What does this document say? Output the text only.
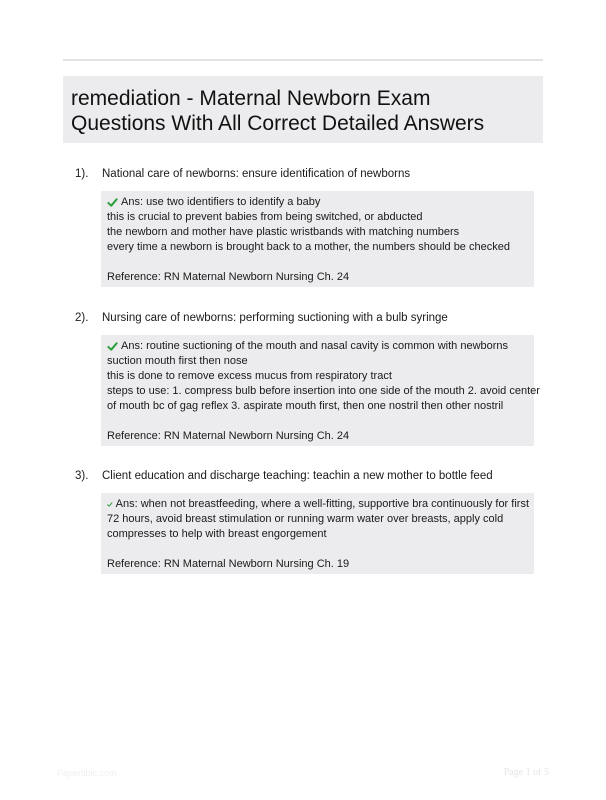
remediation - Maternal Newborn Exam
Questions With All Correct Detailed Answers
1). National care of newborns: ensure identification of newborns
Ans: use two identifiers to identify a baby
this is crucial to prevent babies from being switched, or abducted
the newborn and mother have plastic wristbands with matching numbers
every time a newborn is brought back to a mother, the numbers should be checked
Reference: RN Maternal Newborn Nursing Ch. 24
2). Nursing care of newborns: performing suctioning with a bulb syringe
Ans: routine suctioning of the mouth and nasal cavity is common with newborns
suction mouth first then nose
this is done to remove excess mucus from respiratory tract
steps to use: 1. compress bulb before insertion into one side of the mouth 2. avoid center
of mouth bc of gag reflex 3. aspirate mouth first, then one nostril then other nostril
Reference: RN Maternal Newborn Nursing Ch. 24
3). Client education and discharge teaching: teachin a new mother to bottle feed
Ans: when not breastfeeding, where a well-fitting, supportive bra continuously for first
72 hours, avoid breast stimulation or running warm water over breasts, apply cold
compresses to help with breast engorgement
Reference: RN Maternal Newborn Nursing Ch. 19
Papertibic.com	Page 1 of 5
